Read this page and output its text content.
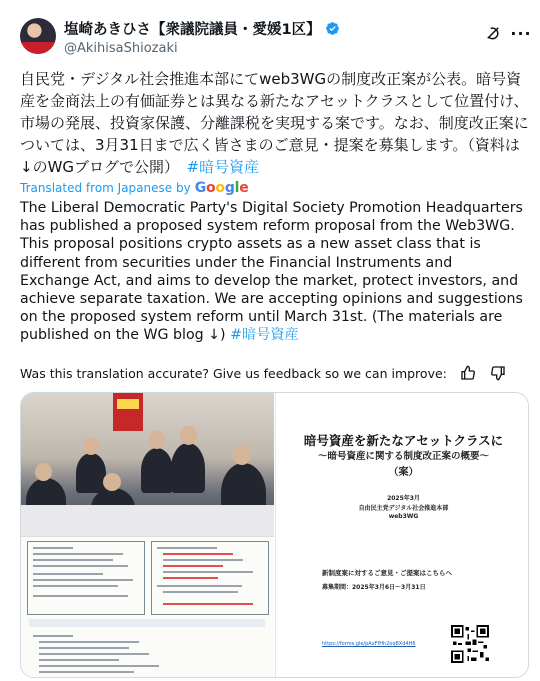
塩崎あきひさ【衆議院議員・愛媛1区】
@AkihisaShiozaki
···
自民党・デジタル社会推進本部にてweb3WGの制度改正案が公表。暗号資産を金商法上の有価証券とは異なる新たなアセットクラスとして位置付け、市場の発展、投資家保護、分離課税を実現する案です。なお、制度改正案については、3月31日まで広く皆さまのご意見・提案を募集します。（資料は↓のWGブログで公開）　#暗号資産
Translated from Japanese by Google
The Liberal Democratic Party's Digital Society Promotion Headquarters has published a proposed system reform proposal from the Web3WG. This proposal positions crypto assets as a new asset class that is different from securities under the Financial Instruments and Exchange Act, and aims to develop the market, protect investors, and achieve separate taxation. We are accepting opinions and suggestions on the proposed system reform until March 31st. (The materials are published on the WG blog ↓) #暗号資産
Was this translation accurate? Give us feedback so we can improve:
暗号資産を新たなアセットクラスに
～暗号資産に関する制度改正案の概要～
（案）
2025年3月
自由民主党デジタル社会推進本部
web3WG
新制度案に対するご意見・ご提案はこちらへ
募集期間：2025年3月6日～3月31日
https://forms.gle/pAxFfHh2oq8Xd4H6
